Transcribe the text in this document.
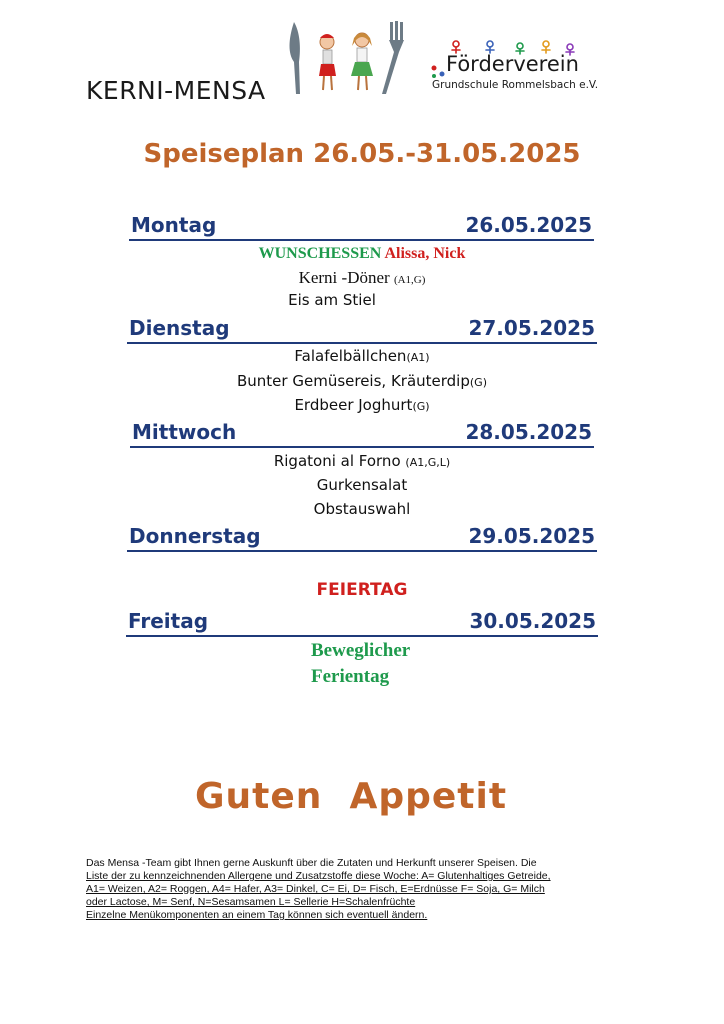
KERNI-MENSA
Förderverein
Grundschule Rommelsbach e.V.
Speiseplan 26.05.-31.05.2025
Montag	26.05.2025
WUNSCHESSEN Alissa, Nick
Kerni -Döner (A1,G)
Eis am Stiel
Dienstag	27.05.2025
Falafelbällchen(A1)
Bunter Gemüsereis, Kräuterdip(G)
Erdbeer Joghurt(G)
Mittwoch	28.05.2025
Rigatoni al Forno (A1,G,L)
Gurkensalat
Obstauswahl
Donnerstag	29.05.2025
FEIERTAG
Freitag	30.05.2025
Beweglicher
Ferientag
Guten  Appetit
Das Mensa -Team gibt Ihnen gerne Auskunft über die Zutaten und Herkunft unserer Speisen. Die
Liste der zu kennzeichnenden Allergene und Zusatzstoffe diese Woche: A= Glutenhaltiges Getreide,
A1= Weizen, A2= Roggen, A4= Hafer, A3= Dinkel, C= Ei, D= Fisch, E=Erdnüsse F= Soja, G= Milch
oder Lactose, M= Senf, N=Sesamsamen L= Sellerie H=Schalenfrüchte
Einzelne Menükomponenten an einem Tag können sich eventuell ändern.
